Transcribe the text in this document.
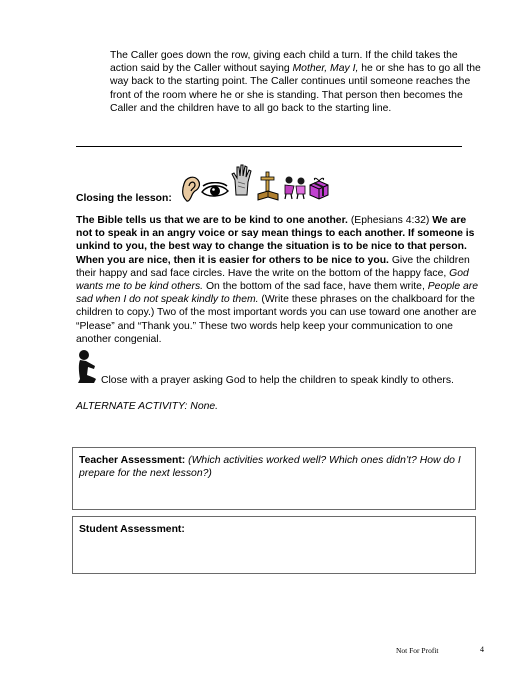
The Caller goes down the row, giving each child a turn. If the child takes the action said by the Caller without saying Mother, May I, he or she has to go all the way back to the starting point. The Caller continues until someone reaches the front of the room where he or she is standing. That person then becomes the Caller and the children have to all go back to the starting line.

Closing the lesson:

The Bible tells us that we are to be kind to one another. (Ephesians 4:32) We are not to speak in an angry voice or say mean things to each another. If someone is unkind to you, the best way to change the situation is to be nice to that person. When you are nice, then it is easier for others to be nice to you. Give the children their happy and sad face circles. Have the write on the bottom of the happy face, God wants me to be kind others. On the bottom of the sad face, have them write, People are sad when I do not speak kindly to them. (Write these phrases on the chalkboard for the children to copy.) Two of the most important words you can use toward one another are “Please” and “Thank you.” These two words help keep your communication to one another congenial.

Close with a prayer asking God to help the children to speak kindly to others.

ALTERNATE ACTIVITY: None.

Teacher Assessment: (Which activities worked well? Which ones didn’t? How do I prepare for the next lesson?)

Student Assessment:

Not For Profit	4
